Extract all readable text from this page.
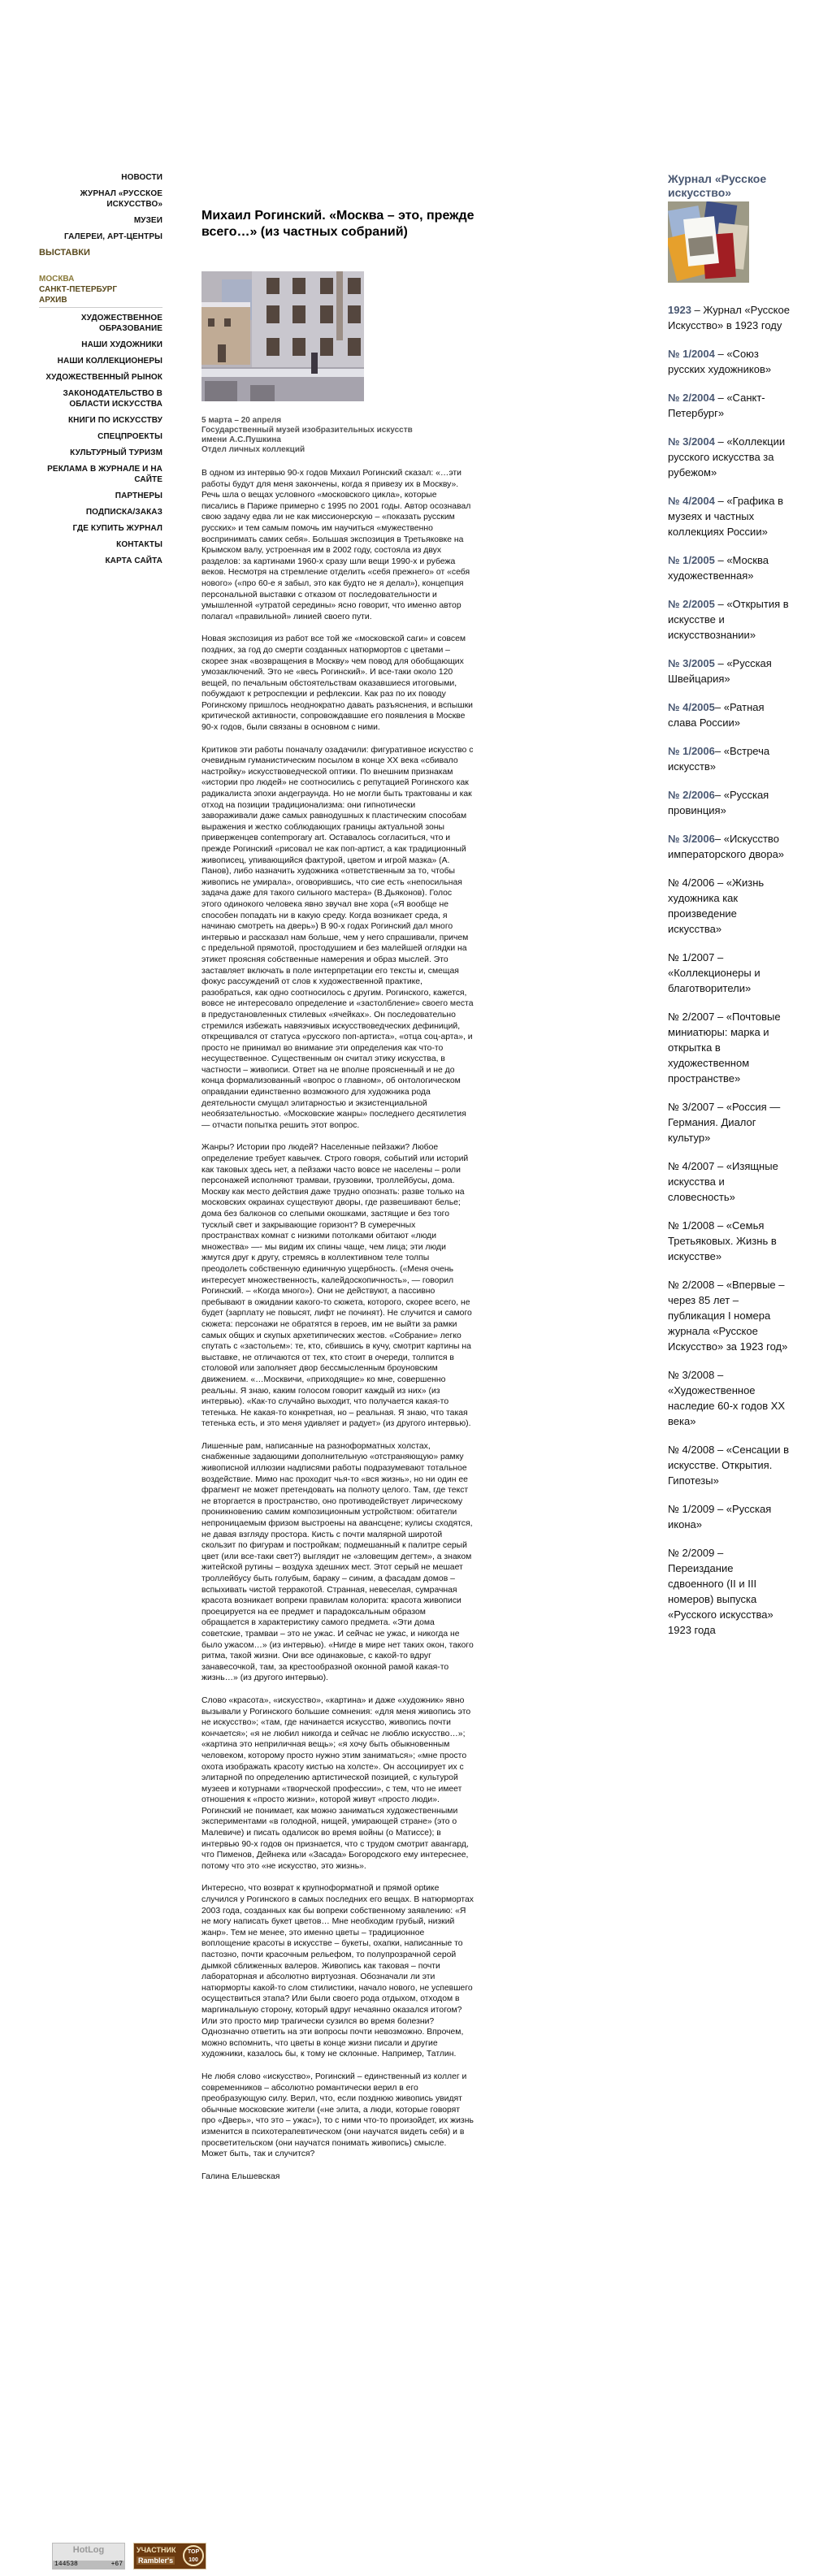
НОВОСТИ
ЖУРНАЛ «РУССКОЕ ИСКУССТВО»
МУЗЕИ
ГАЛЕРЕИ, АРТ-ЦЕНТРЫ
ВЫСТАВКИ
МОСКВА
САНКТ-ПЕТЕРБУРГ
АРХИВ
ХУДОЖЕСТВЕННОЕ ОБРАЗОВАНИЕ
НАШИ ХУДОЖНИКИ
НАШИ КОЛЛЕКЦИОНЕРЫ
ХУДОЖЕСТВЕННЫЙ РЫНОК
ЗАКОНОДАТЕЛЬСТВО В ОБЛАСТИ ИСКУССТВА
КНИГИ ПО ИСКУССТВУ
СПЕЦПРОЕКТЫ
КУЛЬТУРНЫЙ ТУРИЗМ
РЕКЛАМА В ЖУРНАЛЕ И НА САЙТЕ
ПАРТНЕРЫ
ПОДПИСКА/ЗАКАЗ
ГДЕ КУПИТЬ ЖУРНАЛ
КОНТАКТЫ
КАРТА САЙТА
Михаил Рогинский. «Москва – это, прежде всего…» (из частных собраний)
5 марта – 20 апреля
Государственный музей изобразительных искусств
имени А.С.Пушкина
Отдел личных коллекций

В одном из интервью 90-х годов Михаил Рогинский сказал: «…эти работы будут для меня закончены, когда я привезу их в Москву». Речь шла о вещах условного «московского цикла», которые писались в Париже примерно с 1995 по 2001 годы. Автор осознавал свою задачу едва ли не как миссионерскую – «показать русским русских» и тем самым помочь им научиться «мужественно воспринимать самих себя». Большая экспозиция в Третьяковке на Крымском валу, устроенная им в 2002 году, состояла из двух разделов: за картинами 1960-х сразу шли вещи 1990-х и рубежа веков. Несмотря на стремление отделить «себя прежнего» от «себя нового» («про 60-е я забыл, это как будто не я делал»), концепция персональной выставки с отказом от последовательности и умышленной «утратой середины» ясно говорит, что именно автор полагал «правильной» линией своего пути.

Новая экспозиция из работ все той же «московской саги» и совсем поздних, за год до смерти созданных натюрмортов с цветами – скорее знак «возвращения в Москву» чем повод для обобщающих умозаключений. Это не «весь Рогинский». И все-таки около 120 вещей, по печальным обстоятельствам оказавшиеся итоговыми, побуждают к ретроспекции и рефлексии. Как раз по их поводу Рогинскому пришлось неоднократно давать разъяснения, и вспышки критической активности, сопровождавшие его появления в Москве 90-х годов, были связаны в основном с ними.

Критиков эти работы поначалу озадачили: фигуративное искусство с очевидным гуманистическим посылом в конце XX века «сбивало настройку» искусствоведческой оптики. По внешним признакам «истории про людей» не соотносились с репутацией Рогинского как радикалиста эпохи андеграунда. Но не могли быть трактованы и как отход на позиции традиционализма: они гипнотически завораживали даже самых равнодушных к пластическим способам выражения и жестко соблюдающих границы актуальной зоны приверженцев contemporary art. Оставалось согласиться, что и прежде Рогинский «рисовал не как поп-артист, а как традиционный живописец, упивающийся фактурой, цветом и игрой мазка» (А. Панов), либо назначить художника «ответственным за то, чтобы живопись не умирала», оговорившись, что сие есть «непосильная задача даже для такого сильного мастера» (В.Дьяконов). Голос этого одинокого человека явно звучал вне хора («Я вообще не способен попадать ни в какую среду. Когда возникает среда, я начинаю смотреть на дверь») В 90-х годах Рогинский дал много интервью и рассказал нам больше, чем у него спрашивали, причем с предельной прямотой, простодушием и без малейшей оглядки на этикет проясняя собственные намерения и образ мыслей. Это заставляет включать в поле интерпретации его тексты и, смещая фокус рассуждений от слов к художественной практике, разобраться, как одно соотносилось с другим. Рогинского, кажется, вовсе не интересовало определение и «застолбление» своего места в предустановленных стилевых «ячейках». Он последовательно стремился избежать навязчивых искусствоведческих дефиниций, открещивался от статуса «русского поп-артиста», «отца соц-арта», и просто не принимал во внимание эти определения как что-то несущественное. Существенным он считал этику искусства, в частности – живописи. Ответ на не вполне проясненный и не до конца формализованный «вопрос о главном», об онтологическом оправдании единственно возможного для художника рода деятельности смущал элитарностью и экзистенциальной необязательностью. «Московские жанры» последнего десятилетия — отчасти попытка решить этот вопрос.

Жанры? Истории про людей? Населенные пейзажи? Любое определение требует кавычек. Строго говоря, событий или историй как таковых здесь нет, а пейзажи часто вовсе не населены – роли персонажей исполняют трамваи, грузовики, троллейбусы, дома. Москву как место действия даже трудно опознать: разве только на московских окраинах существуют дворы, где развешивают белье; дома без балконов со слепыми окошками, застящие и без того тусклый свет и закрывающие горизонт? В сумеречных пространствах комнат с низкими потолками обитают «люди множества» —- мы видим их спины чаще, чем лица; эти люди жмутся друг к другу, стремясь в коллективном теле толпы преодолеть собственную единичную ущербность. («Меня очень интересует множественность, калейдоскопичность», — говорил Рогинский. – «Когда много»). Они не действуют, а пассивно пребывают в ожидании какого-то сюжета, которого, скорее всего, не будет (зарплату не повысят, лифт не починят). Не случится и самого сюжета: персонажи не обратятся в героев, им не выйти за рамки самых общих и скупых архетипических жестов. «Собрание» легко спутать с «застольем»: те, кто, сбившись в кучу, смотрит картины на выставке, не отличаются от тех, кто стоит в очереди, толпится в столовой или заполняет двор бессмысленным броуновским движением. «…Москвичи, «приходящие» ко мне, совершенно реальны. Я знаю, каким голосом говорит каждый из них» (из интервью). «Как-то случайно выходит, что получается какая-то тетенька. Не какая-то конкретная, но – реальная. Я знаю, что такая тетенька есть, и это меня удивляет и радует» (из другого интервью).

Лишенные рам, написанные на разноформатных холстах, снабженные задающими дополнительную «отстраняющую» рамку живописной иллюзии надписями работы подразумевают тотальное воздействие. Мимо нас проходит чья-то «вся жизнь», но ни один ее фрагмент не может претендовать на полноту целого. Там, где текст не вторгается в пространство, оно противодействует лирическому проникновению самим композиционным устройством: обитатели непроницаемым фризом выстроены на авансцене; кулисы сходятся, не давая взгляду простора. Кисть с почти малярной широтой скользит по фигурам и постройкам; подмешанный к палитре серый цвет (или все-таки свет?) выглядит не «зловещим дегтем», а знаком житейской рутины – воздуха здешних мест. Этот серый не мешает троллейбусу быть голубым, бараку – синим, а фасадам домов – вспыхивать чистой терракотой. Странная, невеселая, сумрачная красота возникает вопреки правилам колорита: красота живописи проецируется на ее предмет и парадоксальным образом обращается в характеристику самого предмета. «Эти дома советские, трамваи – это не ужас. И сейчас не ужас, и никогда не было ужасом…» (из интервью). «Нигде в мире нет таких окон, такого ритма, такой жизни. Они все одинаковые, с какой-то вдруг занавесочкой, там, за крестообразной оконной рамой какая-то жизнь…» (из другого интервью).

Слово «красота», «искусство», «картина» и даже «художник» явно вызывали у Рогинского большие сомнения: «для меня живопись это не искусство»; «там, где начинается искусство, живопись почти кончается»; «я не любил никогда и сейчас не люблю искусство…»; «картина это неприличная вещь»; «я хочу быть обыкновенным человеком, которому просто нужно этим заниматься»; «мне просто охота изображать красоту кистью на холсте». Он ассоциирует их с элитарной по определению артистической позицией, с культурой музеев и котурнами «творческой профессии», с тем, что не имеет отношения к «просто жизни», которой живут «просто люди». Рогинский не понимает, как можно заниматься художественными экспериментами «в голодной, нищей, умирающей стране» (это о Малевиче) и писать одалисок во время войны (о Матиссе); в интервью 90-х годов он признается, что с трудом смотрит авангард, что Пименов, Дейнека или «Засада» Богородского ему интереснее, потому что это «не искусство, это жизнь».

Интересно, что возврат к крупноформатной и прямой optике случился у Рогинского в самых последних его вещах. В натюрмортах 2003 года, созданных как бы вопреки собственному заявлению: «Я не могу написать букет цветов… Мне необходим грубый, низкий жанр». Тем не менее, это именно цветы – традиционное воплощение красоты в искусстве – букеты, охапки, написанные то пастозно, почти красочным рельефом, то полупрозрачной серой дымкой сближенных валеров. Живопись как таковая – почти лабораторная и абсолютно виртуозная. Обозначали ли эти натюрморты какой-то слом стилистики, начало нового, не успевшего осуществиться этапа? Или были своего рода отдыхом, отходом в маргинальную сторону, который вдруг нечаянно оказался итогом? Или это просто мир трагически сузился во время болезни? Однозначно ответить на эти вопросы почти невозможно. Впрочем, можно вспомнить, что цветы в конце жизни писали и другие художники, казалось бы, к тому не склонные. Например, Татлин.

Не любя слово «искусство», Рогинский – единственный из коллег и современников – абсолютно романтически верил в его преобразующую силу. Верил, что, если позднюю живопись увидят обычные московские жители («не элита, а люди, которые говорят про «Дверь», что это – ужас»), то с ними что-то произойдет, их жизнь изменится в психотерапевтическом (они научатся видеть себя) и в просветительском (они научатся понимать живопись) смысле. Может быть, так и случится?

Галина Ельшевская

Журнал «Русское искусство»
1923 – Журнал «Русское Искусство» в 1923 году
№ 1/2004 – «Союз русских художников»
№ 2/2004 – «Санкт-Петербург»
№ 3/2004 – «Коллекции русского искусства за рубежом»
№ 4/2004 – «Графика в музеях и частных коллекциях России»
№ 1/2005 – «Москва художественная»
№ 2/2005 – «Открытия в искусстве и искусствознании»
№ 3/2005 – «Русская Швейцария»
№ 4/2005– «Ратная слава России»
№ 1/2006– «Встреча искусств»
№ 2/2006– «Русская провинция»
№ 3/2006– «Искусство императорского двора»
№ 4/2006 – «Жизнь художника как произведение искусства»
№ 1/2007 – «Коллекционеры и благотворители»
№ 2/2007 – «Почтовые миниатюры: марка и открытка в художественном пространстве»
№ 3/2007 – «Россия — Германия. Диалог культур»
№ 4/2007 – «Изящные искусства и словесность»
№ 1/2008 – «Семья Третьяковых. Жизнь в искусстве»
№ 2/2008 – «Впервые – через 85 лет – публикация I номера журнала «Русское Искусство» за 1923 год»
№ 3/2008 – «Художественное наследие 60-х годов XX века»
№ 4/2008 – «Сенсации в искусстве. Открытия. Гипотезы»
№ 1/2009 – «Русская икона»
№ 2/2009 – Переиздание сдвоенного (II и III номеров) выпуска «Русского искусства» 1923 года
HotLog
144538	+67
УЧАСТНИК
Rambler's
TOP 100
